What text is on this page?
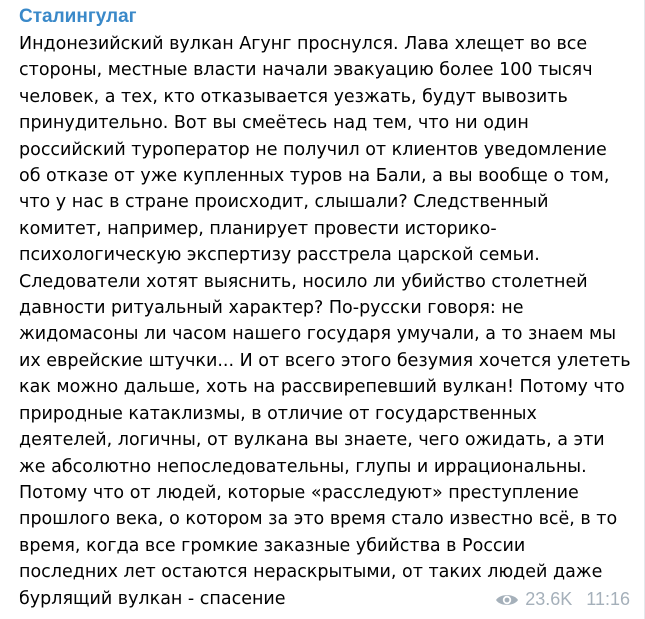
Сталингулаг
Индонезийский вулкан Агунг проснулся. Лава хлещет во все
стороны, местные власти начали эвакуацию более 100 тысяч
человек, а тех, кто отказывается уезжать, будут вывозить
принудительно. Вот вы смеётесь над тем, что ни один
российский туроператор не получил от клиентов уведомление
об отказе от уже купленных туров на Бали, а вы вообще о том,
что у нас в стране происходит, слышали? Следственный
комитет, например, планирует провести историко-
психологическую экспертизу расстрела царской семьи.
Следователи хотят выяснить, носило ли убийство столетней
давности ритуальный характер? По-русски говоря: не
жидомасоны ли часом нашего государя умучали, а то знаем мы
их еврейские штучки... И от всего этого безумия хочется улететь
как можно дальше, хоть на рассвирепевший вулкан! Потому что
природные катаклизмы, в отличие от государственных
деятелей, логичны, от вулкана вы знаете, чего ожидать, а эти
же абсолютно непоследовательны, глупы и иррациональны.
Потому что от людей, которые «расследуют» преступление
прошлого века, о котором за это время стало известно всё, в то
время, когда все громкие заказные убийства в России
последних лет остаются нераскрытыми, от таких людей даже
бурлящий вулкан - спасение	23.6K 11:16
